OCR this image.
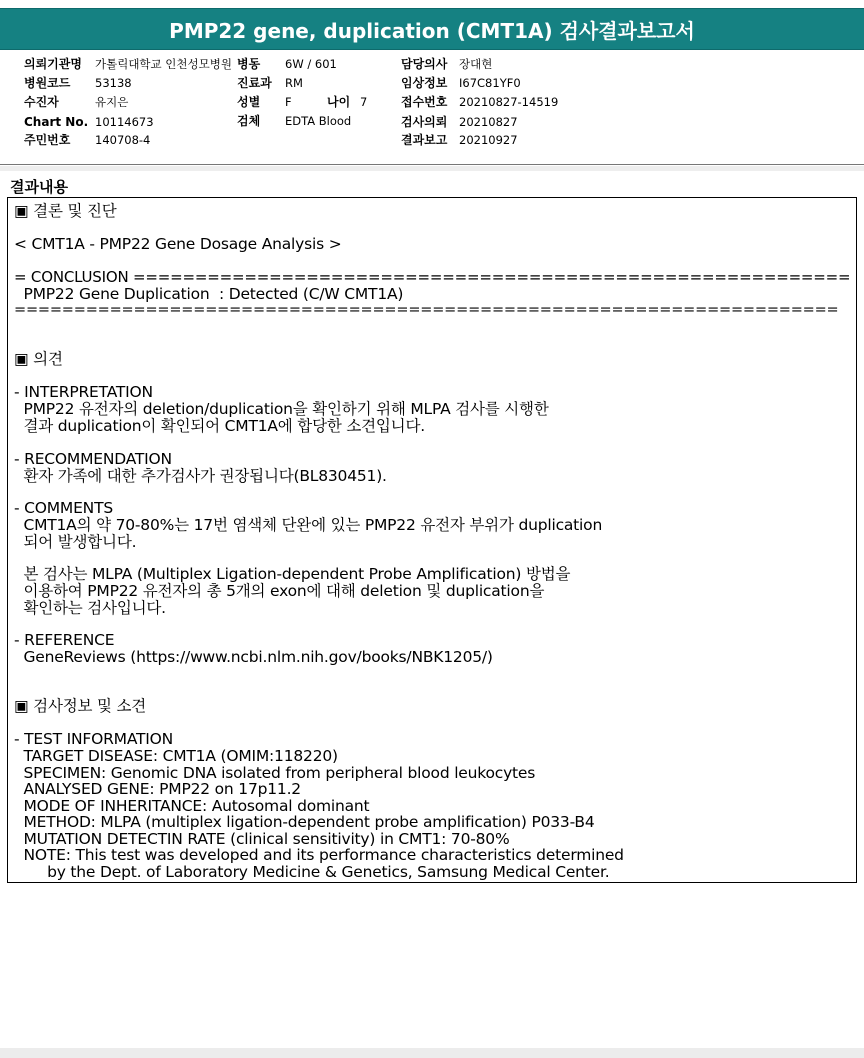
PMP22 gene, duplication (CMT1A) 검사결과보고서
의뢰기관명 가톨릭대학교 인천성모병원
병원코드 53138
수진자	유지은
Chart No. 10114673
주민번호 140708-4
병동 6W / 601
진료과 RM
성별 F	나이 7
검체 EDTA Blood
담당의사 장대현
임상정보 I67C81YF0
접수번호 20210827-14519
검사의뢰 20210827
결과보고 20210927
결과내용
▣ 결론 및 진단
< CMT1A - PMP22 Gene Dosage Analysis >
= CONCLUSION ==========================================================
PMP22 Gene Duplication  : Detected (C/W CMT1A)
=====================================================================
▣ 의견
- INTERPRETATION
PMP22 유전자의 deletion/duplication을 확인하기 위해 MLPA 검사를 시행한
결과 duplication이 확인되어 CMT1A에 합당한 소견입니다.
- RECOMMENDATION
환자 가족에 대한 추가검사가 권장됩니다(BL830451).
- COMMENTS
CMT1A의 약 70-80%는 17번 염색체 단완에 있는 PMP22 유전자 부위가 duplication
되어 발생합니다.
본 검사는 MLPA (Multiplex Ligation-dependent Probe Amplification) 방법을
이용하여 PMP22 유전자의 총 5개의 exon에 대해 deletion 및 duplication을
확인하는 검사입니다.
- REFERENCE
GeneReviews (https://www.ncbi.nlm.nih.gov/books/NBK1205/)
▣ 검사정보 및 소견
- TEST INFORMATION
TARGET DISEASE: CMT1A (OMIM:118220)
SPECIMEN: Genomic DNA isolated from peripheral blood leukocytes
ANALYSED GENE: PMP22 on 17p11.2
MODE OF INHERITANCE: Autosomal dominant
METHOD: MLPA (multiplex ligation-dependent probe amplification) P033-B4
MUTATION DETECTIN RATE (clinical sensitivity) in CMT1: 70-80%
NOTE: This test was developed and its performance characteristics determined
by the Dept. of Laboratory Medicine & Genetics, Samsung Medical Center.
